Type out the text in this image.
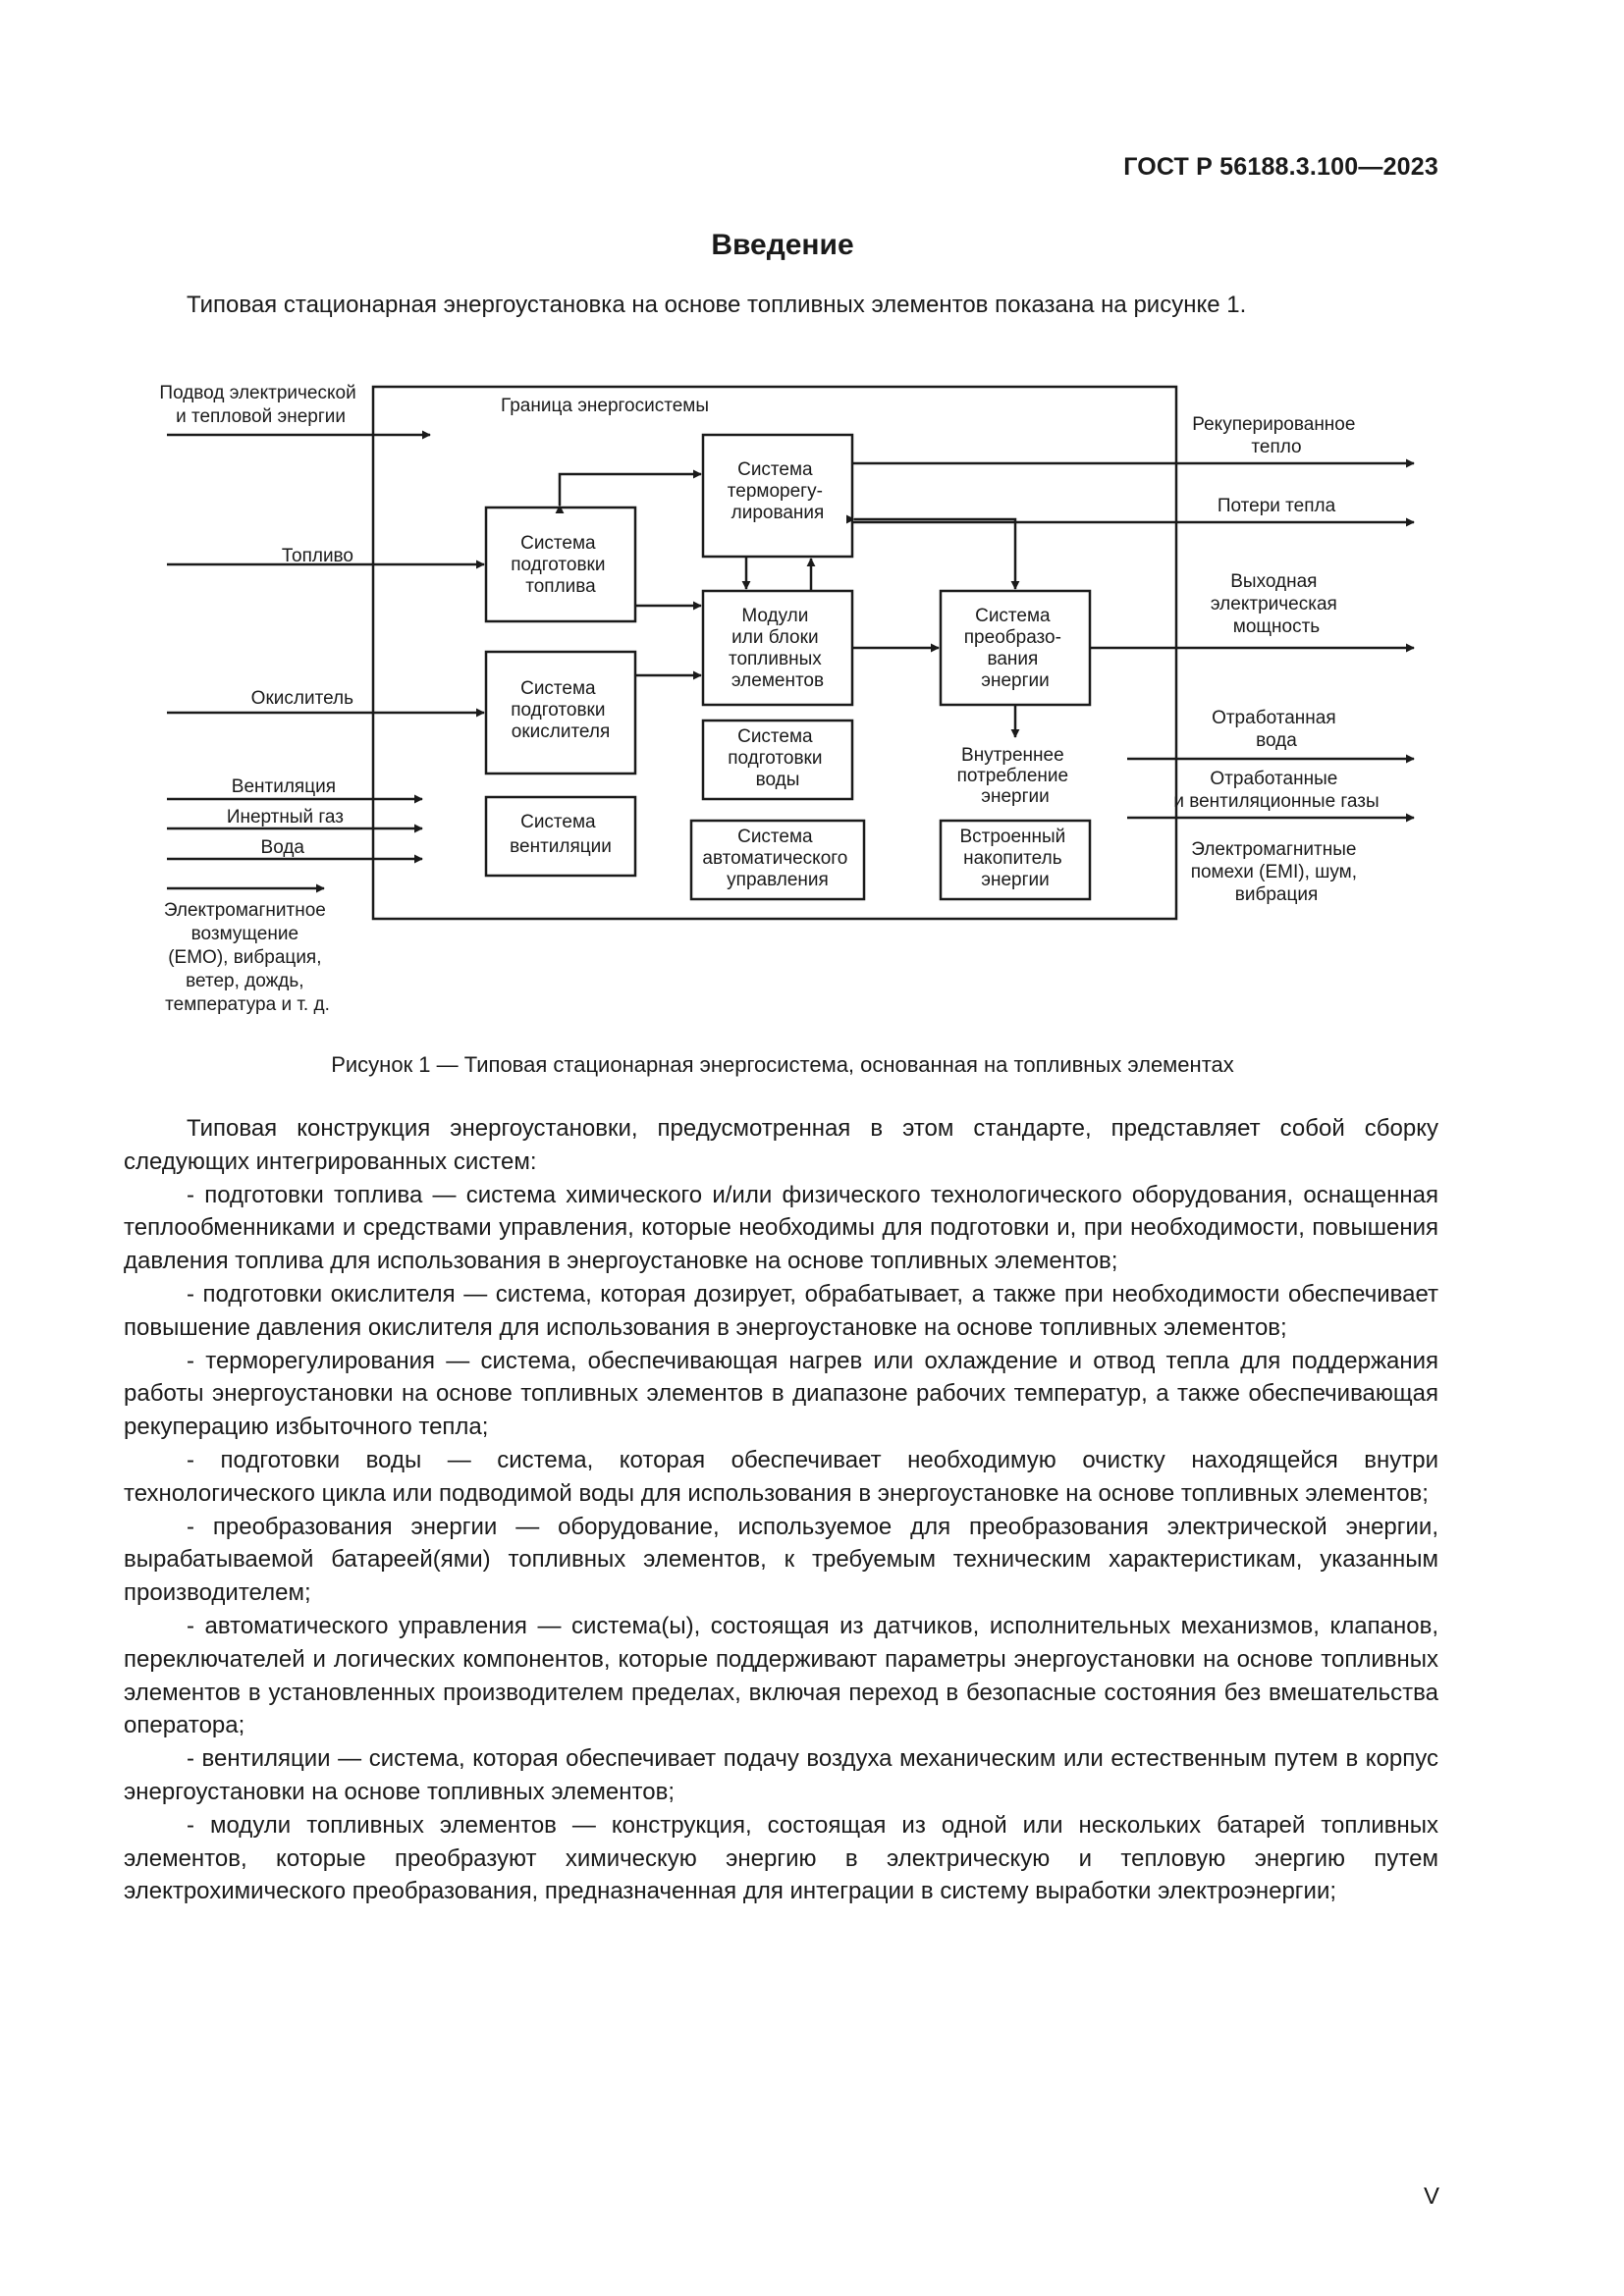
ГОСТ Р 56188.3.100—2023
Введение
Типовая стационарная энергоустановка на основе топливных элементов показана на рисунке 1.
Граница энергосистемы
Система терморегу- лирования
Система подготовки топлива
Модули или блоки топливных элементов
Система преобразо- вания энергии
Система подготовки окислителя	Система подготовки воды
Система вентиляции	Система автоматического управления
Встроенный накопитель энергии
Внутреннее потребление энергии
Подвод электрической и тепловой энергии
Топливо
Окислитель
Вентиляция
Инертный газ
Вода
Электромагнитное возмущение (ЕМО), вибрация, ветер, дождь, температура и т. д.
Рекуперированное тепло
Потери тепла
Выходная электрическая мощность
Отработанная вода
Отработанные и вентиляционные газы
Электромагнитные помехи (EMI), шум, вибрация
Рисунок 1 — Типовая стационарная энергосистема, основанная на топливных элементах

Типовая конструкция энергоустановки, предусмотренная в этом стандарте, представляет собой сборку следующих интегрированных систем:

- подготовки топлива — система химического и/или физического технологического оборудования, оснащенная теплообменниками и средствами управления, которые необходимы для подготовки и, при необходимости, повышения давления топлива для использования в энергоустановке на основе топливных элементов;

- подготовки окислителя — система, которая дозирует, обрабатывает, а также при необходимости обеспечивает повышение давления окислителя для использования в энергоустановке на основе топливных элементов;

- терморегулирования — система, обеспечивающая нагрев или охлаждение и отвод тепла для поддержания работы энергоустановки на основе топливных элементов в диапазоне рабочих температур, а также обеспечивающая рекуперацию избыточного тепла;

- подготовки воды — система, которая обеспечивает необходимую очистку находящейся внутри технологического цикла или подводимой воды для использования в энергоустановке на основе топливных элементов;

- преобразования энергии — оборудование, используемое для преобразования электрической энергии, вырабатываемой батареей(ями) топливных элементов, к требуемым техническим характеристикам, указанным производителем;

- автоматического управления — система(ы), состоящая из датчиков, исполнительных механизмов, клапанов, переключателей и логических компонентов, которые поддерживают параметры энергоустановки на основе топливных элементов в установленных производителем пределах, включая переход в безопасные состояния без вмешательства оператора;

- вентиляции — система, которая обеспечивает подачу воздуха механическим или естественным путем в корпус энергоустановки на основе топливных элементов;

- модули топливных элементов — конструкция, состоящая из одной или нескольких батарей топливных элементов, которые преобразуют химическую энергию в электрическую и тепловую энергию путем электрохимического преобразования, предназначенная для интеграции в систему выработки электроэнергии;

V
